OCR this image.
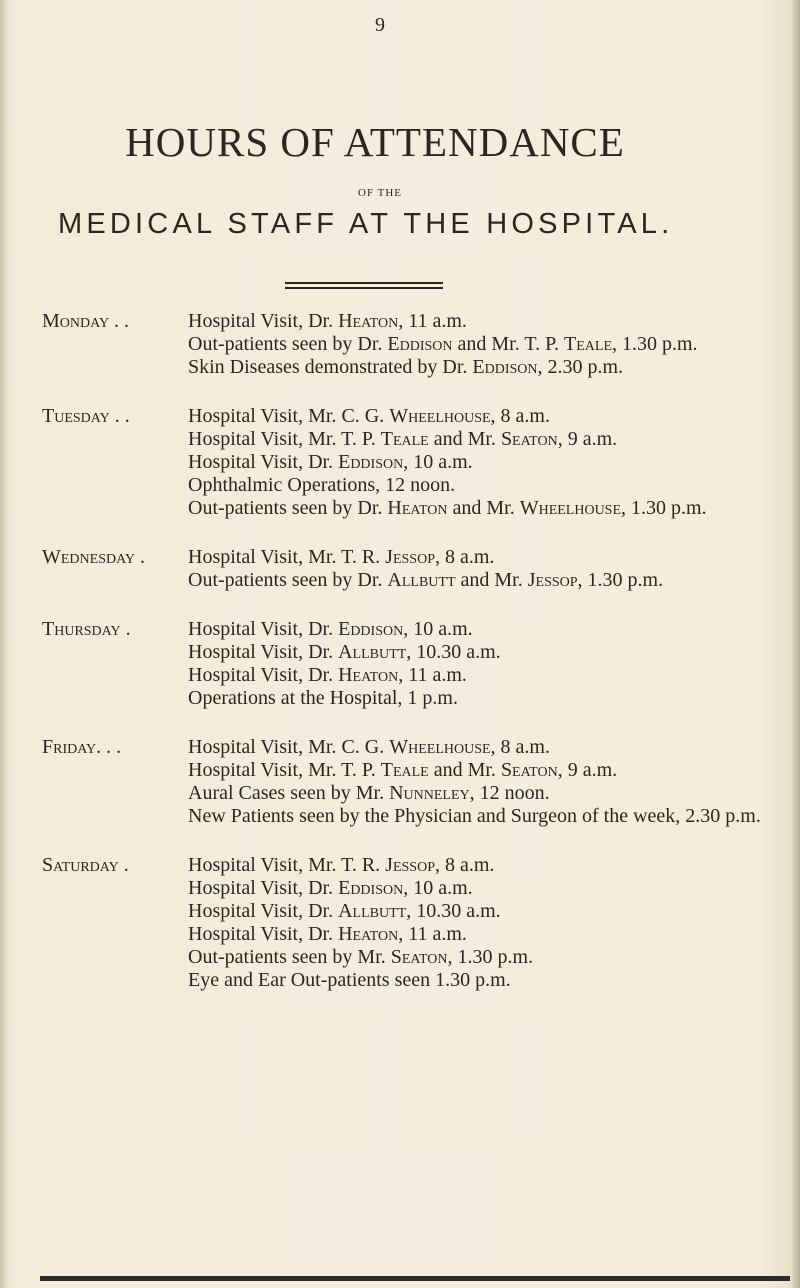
9
HOURS OF ATTENDANCE
OF THE
MEDICAL STAFF AT THE HOSPITAL.
Monday . .	Hospital Visit, Dr. Heaton, 11 a.m.
Out-patients seen by Dr. Eddison and Mr. T. P. Teale, 1.30 p.m.
Skin Diseases demonstrated by Dr. Eddison, 2.30 p.m.
Tuesday . .	Hospital Visit, Mr. C. G. Wheelhouse, 8 a.m.
Hospital Visit, Mr. T. P. Teale and Mr. Seaton, 9 a.m.
Hospital Visit, Dr. Eddison, 10 a.m.
Ophthalmic Operations, 12 noon.
Out-patients seen by Dr. Heaton and Mr. Wheelhouse, 1.30 p.m.
Wednesday .	Hospital Visit, Mr. T. R. Jessop, 8 a.m.
Out-patients seen by Dr. Allbutt and Mr. Jessop, 1.30 p.m.
Thursday .	Hospital Visit, Dr. Eddison, 10 a.m.
Hospital Visit, Dr. Allbutt, 10.30 a.m.
Hospital Visit, Dr. Heaton, 11 a.m.
Operations at the Hospital, 1 p.m.
Friday. . .	Hospital Visit, Mr. C. G. Wheelhouse, 8 a.m.
Hospital Visit, Mr. T. P. Teale and Mr. Seaton, 9 a.m.
Aural Cases seen by Mr. Nunneley, 12 noon.
New Patients seen by the Physician and Surgeon of the week, 2.30 p.m.
Saturday .	Hospital Visit, Mr. T. R. Jessop, 8 a.m.
Hospital Visit, Dr. Eddison, 10 a.m.
Hospital Visit, Dr. Allbutt, 10.30 a.m.
Hospital Visit, Dr. Heaton, 11 a.m.
Out-patients seen by Mr. Seaton, 1.30 p.m.
Eye and Ear Out-patients seen 1.30 p.m.
